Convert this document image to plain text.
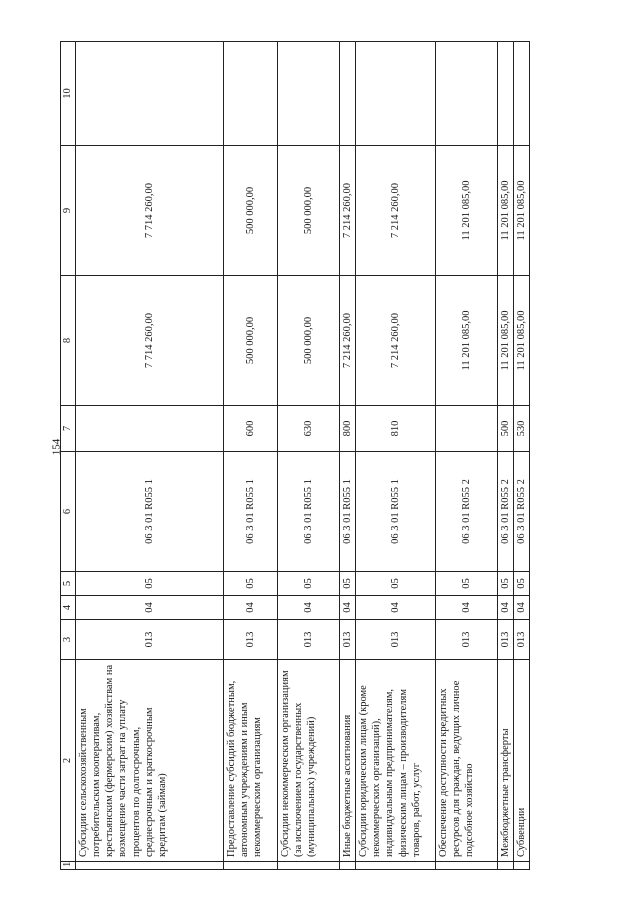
154
1	2	3	4	5	6	7	8	9	10
	Субсидии сельскохозяйственным потребительским кооперативам, крестьянским (фермерским) хозяйствам на возмещение части затрат на уплату процентов по долгосрочным, среднесрочным и краткосрочным кредитам (займам)	013	04	05	06 3 01 R055 1		7 714 260,00	7 714 260,00	
	Предоставление субсидий бюджетным, автономным учреждениям и иным некоммерческим организациям	013	04	05	06 3 01 R055 1	600	500 000,00	500 000,00	
	Субсидии некоммерческим организациям (за исключением государственных (муниципальных) учреждений)	013	04	05	06 3 01 R055 1	630	500 000,00	500 000,00	
	Иные бюджетные ассигнования	013	04	05	06 3 01 R055 1	800	7 214 260,00	7 214 260,00	
	Субсидии юридическим лицам (кроме некоммерческих организаций), индивидуальным предпринимателям, физическим лицам – производителям товаров, работ, услуг	013	04	05	06 3 01 R055 1	810	7 214 260,00	7 214 260,00	
	Обеспечение доступности кредитных ресурсов для граждан, ведущих личное подсобное хозяйство	013	04	05	06 3 01 R055 2		11 201 085,00	11 201 085,00	
	Межбюджетные трансферты	013	04	05	06 3 01 R055 2	500	11 201 085,00	11 201 085,00	
	Субвенции	013	04	05	06 3 01 R055 2	530	11 201 085,00	11 201 085,00	
